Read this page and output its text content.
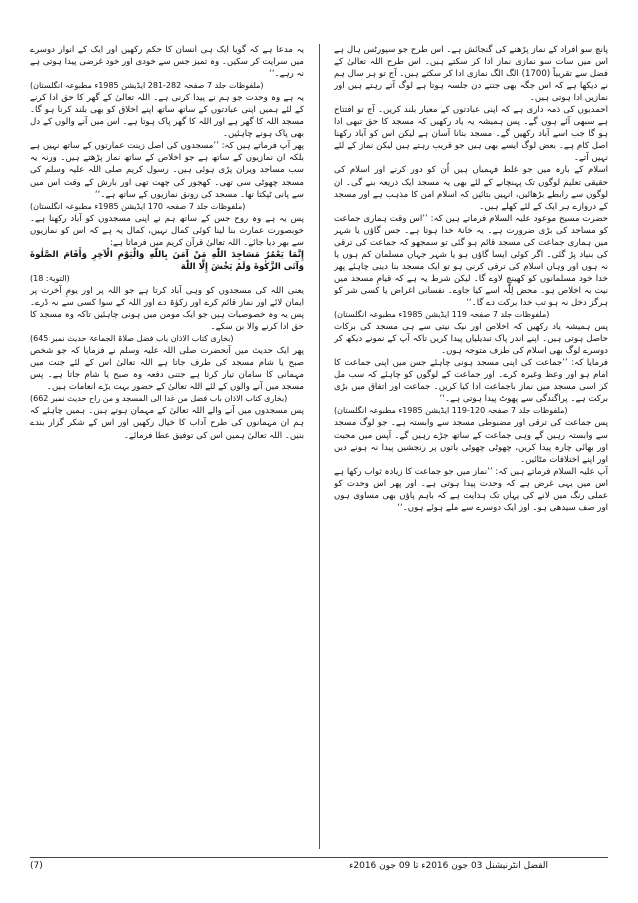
پانچ سو افراد کے نماز پڑھنے کی گنجائش ہے۔ اس طرح جو سپورٹس ہال ہے اس میں سات سو نمازی نماز ادا کر سکتے ہیں۔ اس طرح اللہ تعالیٰ کے فضل سے تقریباً (1700) الگ الگ نمازی ادا کر سکتے ہیں۔ آج تو ہر سال ہم نے دیکھا ہے کہ اس جگہ بھی جتنے دن جلسہ ہوتا ہے لوگ آتے رہتے ہیں اور نمازیں ادا ہوتی ہیں۔

احمدیوں کی ذمہ داری ہے کہ اپنی عبادتوں کے معیار بلند کریں۔ آج تو افتتاح ہے سبھی آئے ہوں گے۔ پس ہمیشہ یہ یاد رکھیں کہ مسجد کا حق تبھی ادا ہو گا جب اسے آباد رکھیں گے۔ مسجد بنانا آسان ہے لیکن اس کو آباد رکھنا اصل کام ہے۔ بعض لوگ ایسے بھی ہیں جو قریب رہتے ہیں لیکن نماز کے لئے نہیں آتے۔

اسلام کے بارہ میں جو غلط فہمیاں ہیں اُن کو دور کرنے اور اسلام کی حقیقی تعلیم لوگوں تک پہنچانے کے لئے بھی یہ مسجد ایک ذریعہ بنے گی۔ ان لوگوں سے رابطے بڑھائیں، انہیں بتائیں کہ اسلام امن کا مذہب ہے اور مسجد کے دروازے ہر ایک کے لئے کھلے ہیں۔

حضرت مسیح موعود علیہ السلام فرماتے ہیں کہ: ’’اس وقت ہماری جماعت کو مساجد کی بڑی ضرورت ہے۔ یہ خانۂ خدا ہوتا ہے۔ جس گاؤں یا شہر میں ہماری جماعت کی مسجد قائم ہو گئی تو سمجھو کہ جماعت کی ترقی کی بنیاد پڑ گئی۔ اگر کوئی ایسا گاؤں ہو یا شہر جہاں مسلمان کم ہوں یا نہ ہوں اور وہاں اسلام کی ترقی کرنی ہو تو ایک مسجد بنا دینی چاہئے پھر خدا خود مسلمانوں کو کھینچ لاوے گا۔ لیکن شرط یہ ہے کہ قیامِ مسجد میں نیت بہ اخلاص ہو۔ محض لِلّٰہ اسے کیا جاوے۔ نفسانی اغراض یا کسی شر کو ہرگز دخل نہ ہو تب خدا برکت دے گا۔‘‘

(ملفوظات جلد 7 صفحہ 119 ایڈیشن 1985ء مطبوعہ انگلستان)

پس ہمیشہ یاد رکھیں کہ اخلاص اور نیک نیتی سے ہی مسجد کی برکات حاصل ہوتی ہیں۔ اپنے اندر پاک تبدیلیاں پیدا کریں تاکہ آپ کے نمونے دیکھ کر دوسرے لوگ بھی اسلام کی طرف متوجہ ہوں۔

فرمایا کہ: ’’جماعت کی اپنی مسجد ہونی چاہئے جس میں اپنی جماعت کا امام ہو اور وعظ وغیرہ کرے۔ اور جماعت کے لوگوں کو چاہئے کہ سب مل کر اسی مسجد میں نماز باجماعت ادا کیا کریں۔ جماعت اور اتفاق میں بڑی برکت ہے۔ پراگندگی سے پھوٹ پیدا ہوتی ہے۔‘‘

(ملفوظات جلد 7 صفحہ 120-119 ایڈیشن 1985ء مطبوعہ انگلستان)

پس جماعت کی ترقی اور مضبوطی مسجد سے وابستہ ہے۔ جو لوگ مسجد سے وابستہ رہیں گے وہی جماعت کے ساتھ جڑے رہیں گے۔ آپس میں محبت اور بھائی چارہ پیدا کریں، چھوٹی چھوٹی باتوں پر رنجشیں پیدا نہ ہونے دیں اور اپنے اختلافات مٹائیں۔

آپ علیہ السلام فرماتے ہیں کہ: ’’نماز میں جو جماعت کا زیادہ ثواب رکھا ہے اس میں یہی غرض ہے کہ وحدت پیدا ہوتی ہے۔ اور پھر اس وحدت کو عملی رنگ میں لانے کی یہاں تک ہدایت ہے کہ باہم پاؤں بھی مساوی ہوں اور صف سیدھی ہو۔ اور ایک دوسرے سے ملے ہوئے ہوں۔‘‘

یہ مدعا ہے کہ گویا ایک ہی انسان کا حکم رکھیں اور ایک کے انوار دوسرے میں سرایت کر سکیں۔ وہ تمیز جس سے خودی اور خود غرضی پیدا ہوتی ہے نہ رہے۔‘‘

(ملفوظات جلد 7 صفحہ 282-281 ایڈیشن 1985ء مطبوعہ انگلستان)

یہ ہے وہ وحدت جو ہم نے پیدا کرنی ہے۔ اللہ تعالیٰ کے گھر کا حق ادا کرنے کے لئے ہمیں اپنی عبادتوں کے ساتھ ساتھ اپنے اخلاق کو بھی بلند کرنا ہو گا۔ مسجد اللہ کا گھر ہے اور اللہ کا گھر پاک ہوتا ہے۔ اس میں آنے والوں کے دل بھی پاک ہونے چاہئیں۔

پھر آپ فرماتے ہیں کہ: ’’مسجدوں کی اصل زینت عمارتوں کے ساتھ نہیں ہے بلکہ ان نمازیوں کے ساتھ ہے جو اخلاص کے ساتھ نماز پڑھتے ہیں۔ ورنہ یہ سب مساجد ویران پڑی ہوئی ہیں۔ رسول کریم صلی اللہ علیہ وسلم کی مسجد چھوٹی سی تھی۔ کھجور کی چھت تھی اور بارش کے وقت اس میں سے پانی ٹپکتا تھا۔ مسجد کی رونق نمازیوں کے ساتھ ہے۔‘‘

(ملفوظات جلد 7 صفحہ 170 ایڈیشن 1985ء مطبوعہ انگلستان)

پس یہ ہے وہ روح جس کے ساتھ ہم نے اپنی مسجدوں کو آباد رکھنا ہے۔ خوبصورت عمارت بنا لینا کوئی کمال نہیں، کمال یہ ہے کہ اس کو نمازیوں سے بھر دیا جائے۔ اللہ تعالیٰ قرآن کریم میں فرماتا ہے:

إِنَّمَا يَعْمُرُ مَسَاجِدَ اللّٰهِ مَنْ آمَنَ بِاللّٰهِ وَالْيَوْمِ الْآخِرِ وَأَقَامَ الصَّلٰوةَ وَآتَى الزَّكٰوةَ وَلَمْ يَخْشَ إِلَّا اللّٰهَ

(التوبۃ: 18)

یعنی اللہ کی مسجدوں کو وہی آباد کرتا ہے جو اللہ پر اور یومِ آخرت پر ایمان لائے اور نماز قائم کرے اور زکوٰۃ دے اور اللہ کے سوا کسی سے نہ ڈرے۔ پس یہ وہ خصوصیات ہیں جو ایک مومن میں ہونی چاہئیں تاکہ وہ مسجد کا حق ادا کرنے والا بن سکے۔

(بخاری کتاب الاذان باب فضل صلاۃ الجماعۃ حدیث نمبر 645)

پھر ایک حدیث میں آنحضرت صلی اللہ علیہ وسلم نے فرمایا کہ جو شخص صبح یا شام مسجد کی طرف جاتا ہے اللہ تعالیٰ اس کے لئے جنت میں مہمانی کا سامان تیار کرتا ہے جتنی دفعہ وہ صبح یا شام جاتا ہے۔ پس مسجد میں آنے والوں کے لئے اللہ تعالیٰ کے حضور بہت بڑے انعامات ہیں۔

(بخاری کتاب الاذان باب فضل من غدا الی المسجد و من راح حدیث نمبر 662)

پس مسجدوں میں آنے والے اللہ تعالیٰ کے مہمان ہوتے ہیں۔ ہمیں چاہئے کہ ہم ان مہمانوں کی طرح آداب کا خیال رکھیں اور اس کے شکر گزار بندے بنیں۔ اللہ تعالیٰ ہمیں اس کی توفیق عطا فرمائے۔

(7)	الفضل انٹرنیشنل 03 جون 2016ء تا 09 جون 2016ء
